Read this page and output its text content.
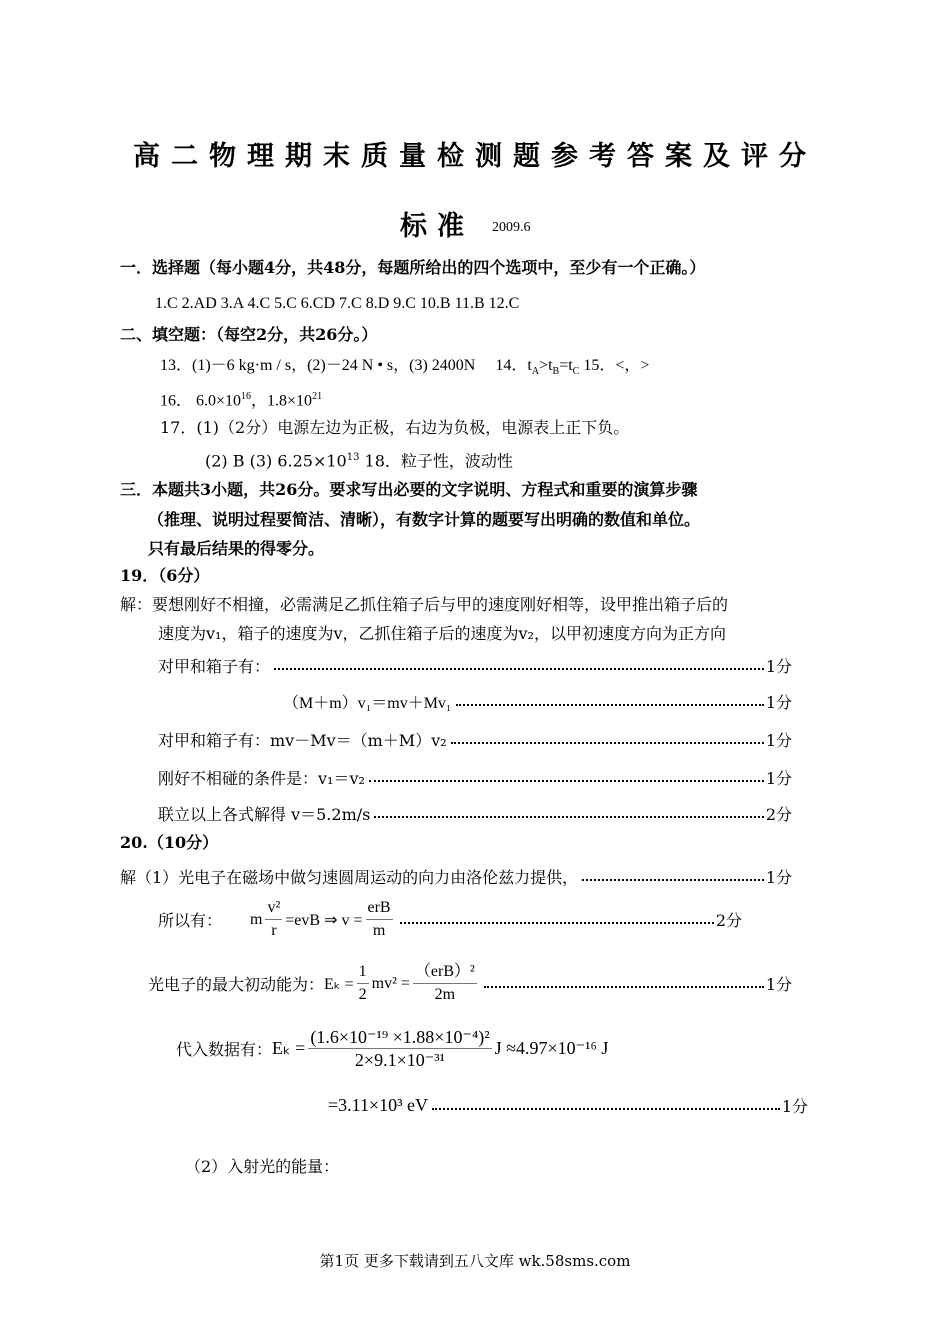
高二物理期末质量检测题参考答案及评分
标准 2009.6
一．选择题（每小题4分，共48分，每题所给出的四个选项中，至少有一个正确。）
1.C 2.AD 3.A 4.C 5.C 6.CD 7.C 8.D 9.C 10.B 11.B 12.C
二、填空题：（每空2分，共26分。）
13．(1)－6 kg·m / s，(2)－24 N • s，(3) 2400N　 14．$t_A>t_B=t_C$ 15．<，>
16． $6.0\times 10^{16}$，$1.8\times 10^{21}$
17．(1)（2分）电源左边为正极，右边为负极，电源表上正下负。
(2) B (3) $6.25\times 10^{13}$ 18．粒子性，波动性
三．本题共3小题，共26分。要求写出必要的文字说明、方程式和重要的演算步骤
（推理、说明过程要简洁、清晰），有数字计算的题要写出明确的数值和单位。
只有最后结果的得零分。
19．（6分）
解：要想刚好不相撞，必需满足乙抓住箱子后与甲的速度刚好相等，设甲推出箱子后的
速度为v₁，箱子的速度为v，乙抓住箱子后的速度为v₂，以甲初速度方向为正方向
对甲和箱子有：	1分
（M＋m）v₁＝mv＋Mv₁	1分
对甲和箱子有：mv－Mv＝（m＋M）v₂	1分
刚好不相碰的条件是：v₁＝v₂	1分
联立以上各式解得 v＝5.2m/s	2分
20.（10分）
解（1）光电子在磁场中做匀速圆周运动的向力由洛伦兹力提供，	1分
所以有： m $\frac{\text{v²}}{r} =evB$ ⇒ $v = \frac{\text{erB}}{m}$	2分
光电子的最大初动能为： $E_k = \frac{1}{2} mv^2 = \frac{\text{（erB）²}}{2m}$	1分
代入数据有： $E_k = \frac{\text{(1.6×10⁻¹⁹ ×1.88×10⁻⁴)²}}{\text{2×9.1×10⁻³¹}}$ J ≈4.97×10⁻¹⁶ J
=3.11×10³ eV	1分
（2）入射光的能量：
第1页 更多下载请到五八文库 wk.58sms.com
